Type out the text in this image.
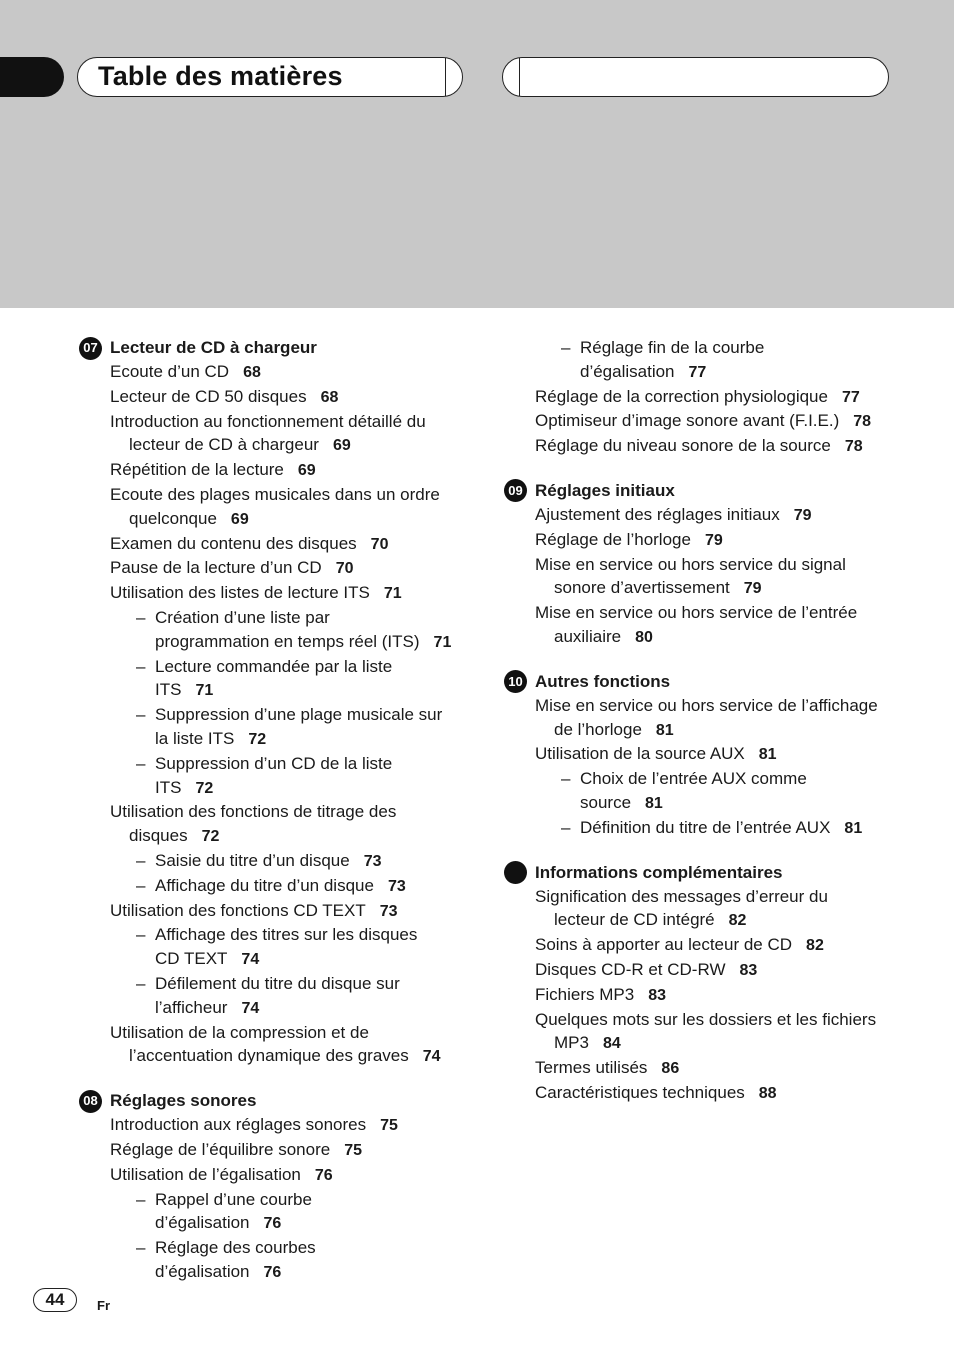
Table des matières
07 Lecteur de CD à chargeur
Ecoute d’un CD 68
Lecteur de CD 50 disques 68
Introduction au fonctionnement détaillé du
lecteur de CD à chargeur 69
Répétition de la lecture 69
Ecoute des plages musicales dans un ordre
quelconque 69
Examen du contenu des disques 70
Pause de la lecture d’un CD 70
Utilisation des listes de lecture ITS 71
– Création d’une liste par
programmation en temps réel (ITS) 71
– Lecture commandée par la liste
ITS 71
– Suppression d’une plage musicale sur
la liste ITS 72
– Suppression d’un CD de la liste
ITS 72
Utilisation des fonctions de titrage des
disques 72
– Saisie du titre d’un disque 73
– Affichage du titre d’un disque 73
Utilisation des fonctions CD TEXT 73
– Affichage des titres sur les disques
CD TEXT 74
– Défilement du titre du disque sur
l’afficheur 74
Utilisation de la compression et de
l’accentuation dynamique des graves 74
08 Réglages sonores
Introduction aux réglages sonores 75
Réglage de l’équilibre sonore 75
Utilisation de l’égalisation 76
– Rappel d’une courbe
d’égalisation 76
– Réglage des courbes
d’égalisation 76
– Réglage fin de la courbe
d’égalisation 77
Réglage de la correction physiologique 77
Optimiseur d’image sonore avant (F.I.E.) 78
Réglage du niveau sonore de la source 78
09 Réglages initiaux
Ajustement des réglages initiaux 79
Réglage de l’horloge 79
Mise en service ou hors service du signal
sonore d’avertissement 79
Mise en service ou hors service de l’entrée
auxiliaire 80
10 Autres fonctions
Mise en service ou hors service de l’affichage
de l’horloge 81
Utilisation de la source AUX 81
– Choix de l’entrée AUX comme
source 81
– Définition du titre de l’entrée AUX 81
Informations complémentaires
Signification des messages d’erreur du
lecteur de CD intégré 82
Soins à apporter au lecteur de CD 82
Disques CD-R et CD-RW 83
Fichiers MP3 83
Quelques mots sur les dossiers et les fichiers
MP3 84
Termes utilisés 86
Caractéristiques techniques 88
44	Fr
